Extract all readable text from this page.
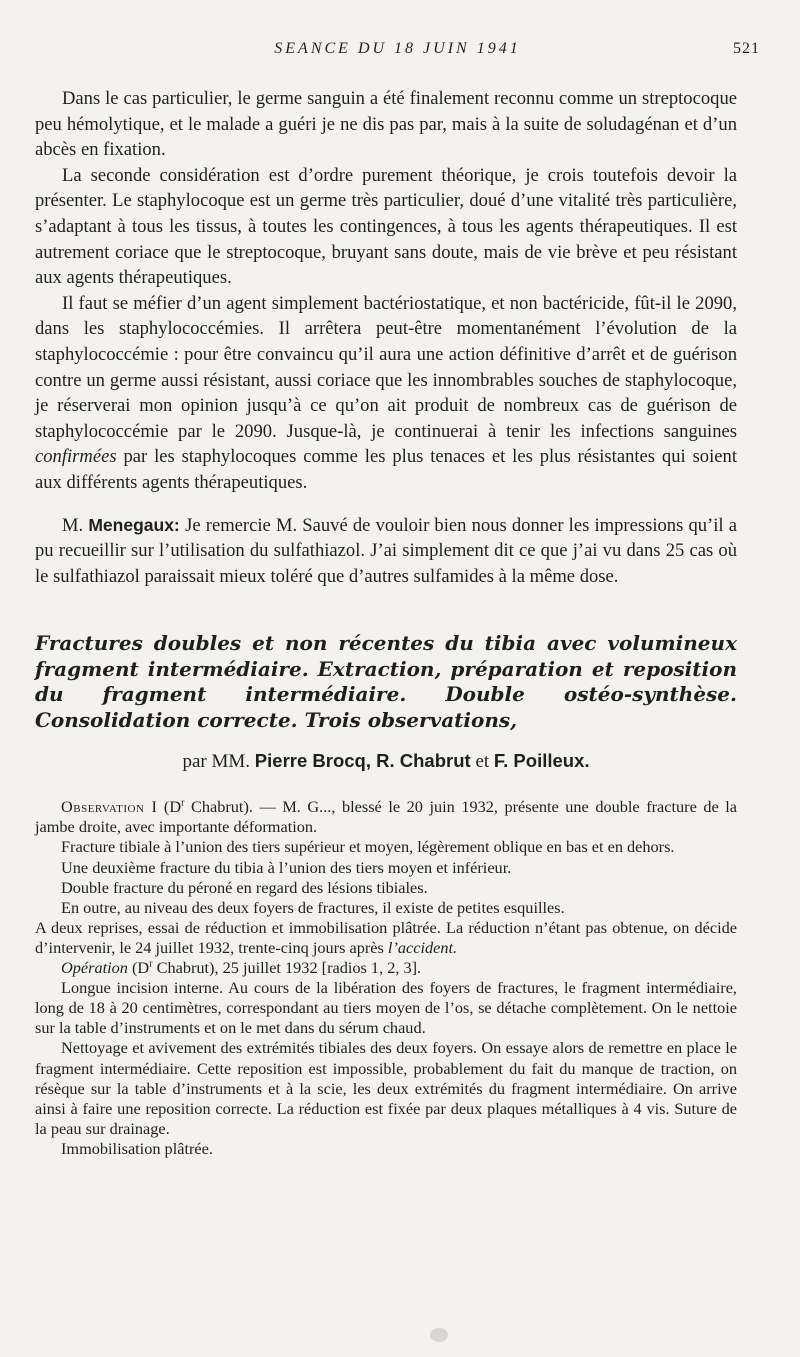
SEANCE DU 18 JUIN 1941	521

Dans le cas particulier, le germe sanguin a été finalement reconnu comme un streptocoque peu hémolytique, et le malade a guéri je ne dis pas par, mais à la suite de soludagénan et d’un abcès en fixation.

La seconde considération est d’ordre purement théorique, je crois toutefois devoir la présenter. Le staphylocoque est un germe très particulier, doué d’une vitalité très particulière, s’adaptant à tous les tissus, à toutes les contingences, à tous les agents thérapeutiques. Il est autrement coriace que le streptocoque, bruyant sans doute, mais de vie brève et peu résistant aux agents thérapeutiques.

Il faut se méfier d’un agent simplement bactériostatique, et non bactéricide, fût-il le 2090, dans les staphylococcémies. Il arrêtera peut-être momentanément l’évolution de la staphylococcémie : pour être convaincu qu’il aura une action définitive d’arrêt et de guérison contre un germe aussi résistant, aussi coriace que les innombrables souches de staphylocoque, je réserverai mon opinion jusqu’à ce qu’on ait produit de nombreux cas de guérison de staphylococcémie par le 2090. Jusque-là, je continuerai à tenir les infections sanguines confirmées par les staphylocoques comme les plus tenaces et les plus résistantes qui soient aux différents agents thérapeutiques.

M. Menegaux: Je remercie M. Sauvé de vouloir bien nous donner les impressions qu’il a pu recueillir sur l’utilisation du sulfathiazol. J’ai simplement dit ce que j’ai vu dans 25 cas où le sulfathiazol paraissait mieux toléré que d’autres sulfamides à la même dose.

Fractures doubles et non récentes du tibia avec volumineux fragment intermédiaire. Extraction, préparation et reposition du fragment intermédiaire. Double ostéo-synthèse. Consolidation correcte. Trois observations,

par MM. Pierre Brocq, R. Chabrut et F. Poilleux.

Observation I ($D^r$ Chabrut). — M. G..., blessé le 20 juin 1932, présente une double fracture de la jambe droite, avec importante déformation.

Fracture tibiale à l’union des tiers supérieur et moyen, légèrement oblique en bas et en dehors.

Une deuxième fracture du tibia à l’union des tiers moyen et inférieur.

Double fracture du péroné en regard des lésions tibiales.

En outre, au niveau des deux foyers de fractures, il existe de petites esquilles.

A deux reprises, essai de réduction et immobilisation plâtrée. La réduction n’étant pas obtenue, on décide d’intervenir, le 24 juillet 1932, trente-cinq jours après l’accident.

Opération ($D^r$ Chabrut), 25 juillet 1932 [radios 1, 2, 3].

Longue incision interne. Au cours de la libération des foyers de fractures, le fragment intermédiaire, long de 18 à 20 centimètres, correspondant au tiers moyen de l’os, se détache complètement. On le nettoie sur la table d’instruments et on le met dans du sérum chaud.

Nettoyage et avivement des extrémités tibiales des deux foyers. On essaye alors de remettre en place le fragment intermédiaire. Cette reposition est impossible, probablement du fait du manque de traction, on résèque sur la table d’instruments et à la scie, les deux extrémités du fragment intermédiaire. On arrive ainsi à faire une reposition correcte. La réduction est fixée par deux plaques métalliques à 4 vis. Suture de la peau sur drainage.

Immobilisation plâtrée.
